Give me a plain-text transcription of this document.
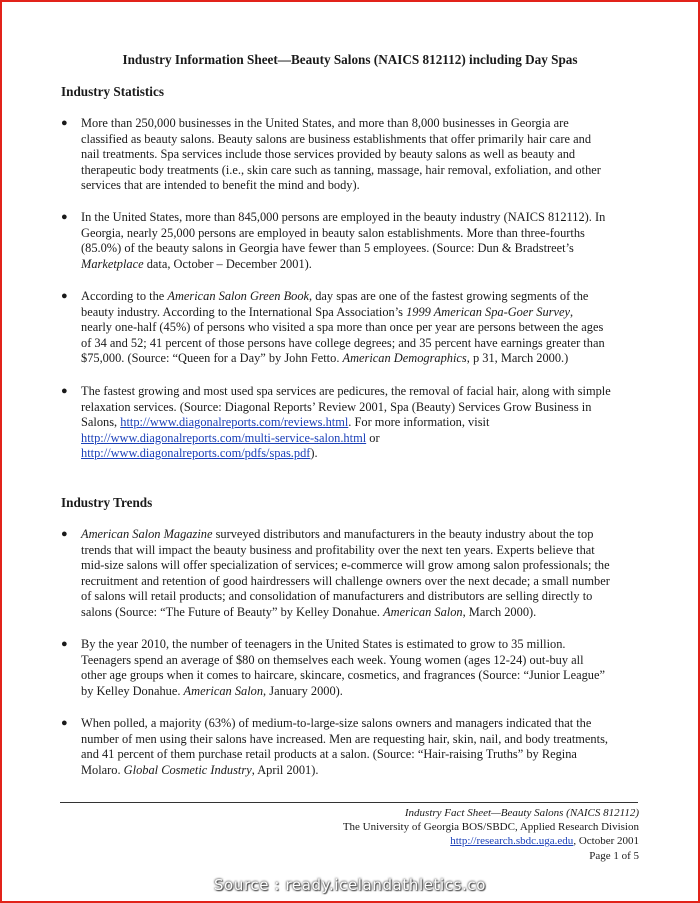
Industry Information Sheet—Beauty Salons (NAICS 812112) including Day Spas
Industry Statistics
●	More than 250,000 businesses in the United States, and more than 8,000 businesses in Georgia are
classified as beauty salons. Beauty salons are business establishments that offer primarily hair care and
nail treatments. Spa services include those services provided by beauty salons as well as beauty and
therapeutic body treatments (i.e., skin care such as tanning, massage, hair removal, exfoliation, and other
services that are intended to benefit the mind and body).
●	In the United States, more than 845,000 persons are employed in the beauty industry (NAICS 812112). In
Georgia, nearly 25,000 persons are employed in beauty salon establishments. More than three-fourths
(85.0%) of the beauty salons in Georgia have fewer than 5 employees. (Source: Dun & Bradstreet’s
Marketplace data, October – December 2001).
●	According to the American Salon Green Book, day spas are one of the fastest growing segments of the
beauty industry. According to the International Spa Association’s 1999 American Spa-Goer Survey,
nearly one-half (45%) of persons who visited a spa more than once per year are persons between the ages
of 34 and 52; 41 percent of those persons have college degrees; and 35 percent have earnings greater than
$75,000. (Source: “Queen for a Day” by John Fetto. American Demographics, p 31, March 2000.)
●	The fastest growing and most used spa services are pedicures, the removal of facial hair, along with simple
relaxation services. (Source: Diagonal Reports’ Review 2001, Spa (Beauty) Services Grow Business in
Salons, http://www.diagonalreports.com/reviews.html. For more information, visit
http://www.diagonalreports.com/multi-service-salon.html or
http://www.diagonalreports.com/pdfs/spas.pdf).
Industry Trends
●	American Salon Magazine surveyed distributors and manufacturers in the beauty industry about the top
trends that will impact the beauty business and profitability over the next ten years. Experts believe that
mid-size salons will offer specialization of services; e-commerce will grow among salon professionals; the
recruitment and retention of good hairdressers will challenge owners over the next decade; a small number
of salons will retail products; and consolidation of manufacturers and distributors are selling directly to
salons (Source: “The Future of Beauty” by Kelley Donahue. American Salon, March 2000).
●	By the year 2010, the number of teenagers in the United States is estimated to grow to 35 million.
Teenagers spend an average of $80 on themselves each week. Young women (ages 12-24) out-buy all
other age groups when it comes to haircare, skincare, cosmetics, and fragrances (Source: “Junior League”
by Kelley Donahue. American Salon, January 2000).
●	When polled, a majority (63%) of medium-to-large-size salons owners and managers indicated that the
number of men using their salons have increased. Men are requesting hair, skin, nail, and body treatments,
and 41 percent of them purchase retail products at a salon. (Source: “Hair-raising Truths” by Regina
Molaro. Global Cosmetic Industry, April 2001).
Industry Fact Sheet—Beauty Salons (NAICS 812112)
The University of Georgia BOS/SBDC, Applied Research Division
http://research.sbdc.uga.edu, October 2001
Page 1 of 5
Source : ready.icelandathletics.co
